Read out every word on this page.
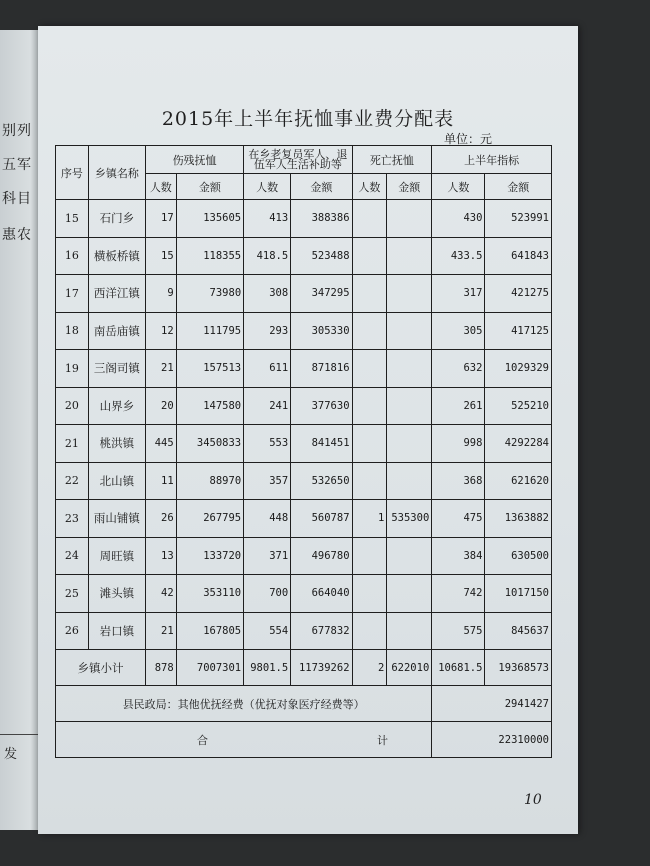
别列
五军
科目
惠农
发
2015年上半年抚恤事业费分配表
单位：元
序号	乡镇名称	伤残抚恤		在乡老复员军人、退伍军人生活补助等		死亡抚恤		上半年指标	
		人数	金额	人数	金额	人数	金额	人数	金额
15	石门乡	17	135605	413	388386			430	523991
16	横板桥镇	15	118355	418.5	523488			433.5	641843
17	西洋江镇	9	73980	308	347295			317	421275
18	南岳庙镇	12	111795	293	305330			305	417125
19	三阁司镇	21	157513	611	871816			632	1029329
20	山界乡	20	147580	241	377630			261	525210
21	桃洪镇	445	3450833	553	841451			998	4292284
22	北山镇	11	88970	357	532650			368	621620
23	雨山铺镇	26	267795	448	560787	1	535300	475	1363882
24	周旺镇	13	133720	371	496780			384	630500
25	滩头镇	42	353110	700	664040			742	1017150
26	岩口镇	21	167805	554	677832			575	845637
乡镇小计		878	7007301	9801.5	11739262	2	622010	10681.5	19368573
县民政局：其他优抚经费（优抚对象医疗经费等）								2941427	
合 计								22310000	
10
